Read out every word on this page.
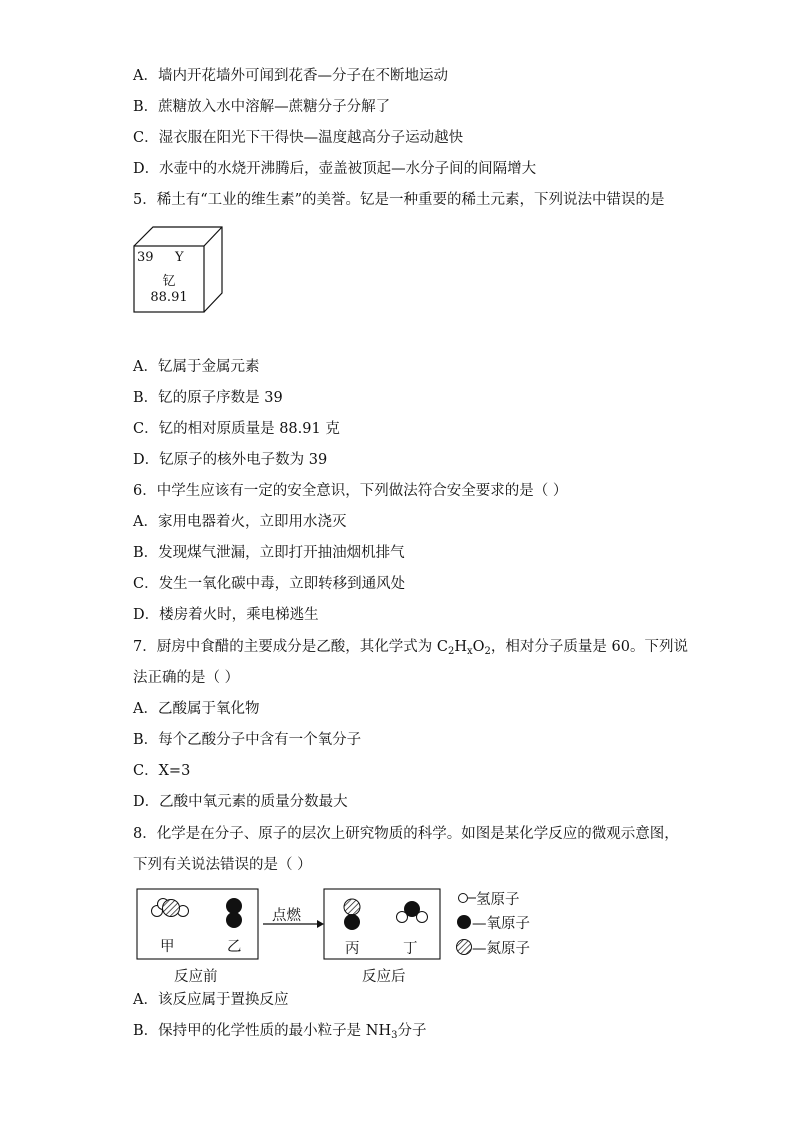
A．墙内开花墙外可闻到花香—分子在不断地运动
B．蔗糖放入水中溶解—蔗糖分子分解了
C．湿衣服在阳光下干得快—温度越高分子运动越快
D．水壶中的水烧开沸腾后，壶盖被顶起—水分子间的间隔增大
5．稀土有“工业的维生素”的美誉。钇是一种重要的稀土元素，下列说法中错误的是
39 Y
钇
88.91
A．钇属于金属元素
B．钇的原子序数是 39
C．钇的相对原质量是 88.91 克
D．钇原子的核外电子数为 39
6．中学生应该有一定的安全意识，下列做法符合安全要求的是（ ）
A．家用电器着火，立即用水浇灭
B．发现煤气泄漏，立即打开抽油烟机排气
C．发生一氧化碳中毒，立即转移到通风处
D．楼房着火时，乘电梯逃生
7．厨房中食醋的主要成分是乙酸，其化学式为 $C_2H_xO_2$，相对分子质量是 60。下列说
法正确的是（ ）
A．乙酸属于氧化物
B．每个乙酸分子中含有一个氧分子
C．X=3
D．乙酸中氧元素的质量分数最大
8．化学是在分子、原子的层次上研究物质的科学。如图是某化学反应的微观示意图，
下列有关说法错误的是（ ）
甲	乙	丙	丁
点燃
反应前	反应后
氢原子
—氧原子
—氮原子
A．该反应属于置换反应
B．保持甲的化学性质的最小粒子是 $NH_3$分子
